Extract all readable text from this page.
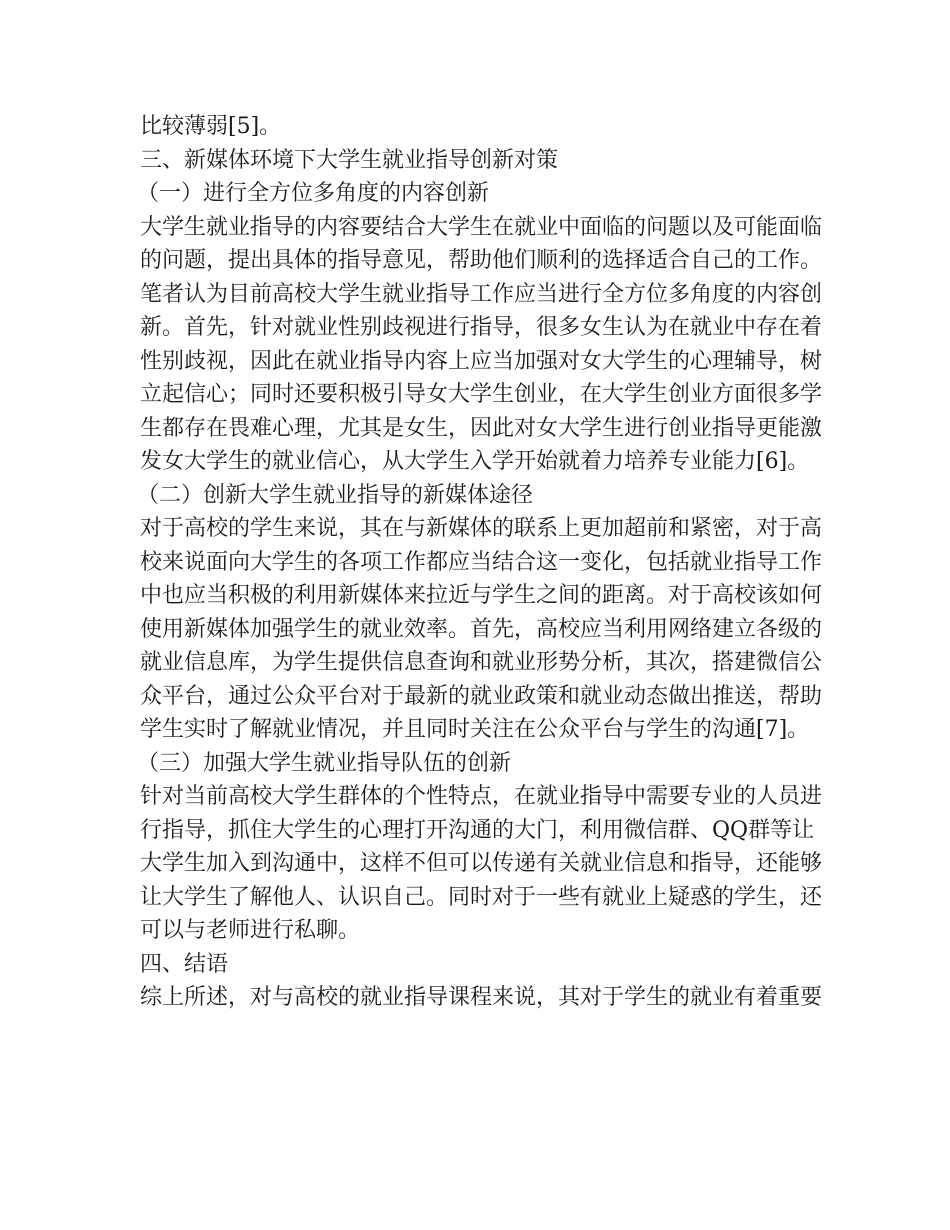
比较薄弱[5]。
三、新媒体环境下大学生就业指导创新对策
（一）进行全方位多角度的内容创新
大学生就业指导的内容要结合大学生在就业中面临的问题以及可能面临
的问题，提出具体的指导意见，帮助他们顺利的选择适合自己的工作。
笔者认为目前高校大学生就业指导工作应当进行全方位多角度的内容创
新。首先，针对就业性别歧视进行指导，很多女生认为在就业中存在着
性别歧视，因此在就业指导内容上应当加强对女大学生的心理辅导，树
立起信心；同时还要积极引导女大学生创业，在大学生创业方面很多学
生都存在畏难心理，尤其是女生，因此对女大学生进行创业指导更能激
发女大学生的就业信心，从大学生入学开始就着力培养专业能力[6]。
（二）创新大学生就业指导的新媒体途径
对于高校的学生来说，其在与新媒体的联系上更加超前和紧密，对于高
校来说面向大学生的各项工作都应当结合这一变化，包括就业指导工作
中也应当积极的利用新媒体来拉近与学生之间的距离。对于高校该如何
使用新媒体加强学生的就业效率。首先，高校应当利用网络建立各级的
就业信息库，为学生提供信息查询和就业形势分析，其次，搭建微信公
众平台，通过公众平台对于最新的就业政策和就业动态做出推送，帮助
学生实时了解就业情况，并且同时关注在公众平台与学生的沟通[7]。
（三）加强大学生就业指导队伍的创新
针对当前高校大学生群体的个性特点，在就业指导中需要专业的人员进
行指导，抓住大学生的心理打开沟通的大门，利用微信群、QQ群等让
大学生加入到沟通中，这样不但可以传递有关就业信息和指导，还能够
让大学生了解他人、认识自己。同时对于一些有就业上疑惑的学生，还
可以与老师进行私聊。
四、结语
综上所述，对与高校的就业指导课程来说，其对于学生的就业有着重要
